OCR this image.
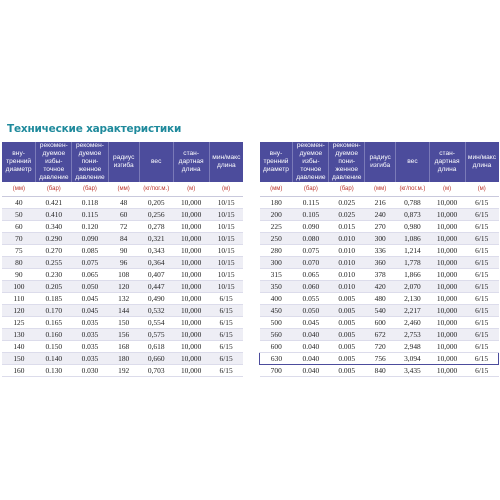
Технические характеристики
вну-
тренний
диаметр	рекомен-
дуемое
избы-
точное
давление	рекомен-
дуемое
пони-
женное
давление	радиус
изгиба	вес	стан-
дартная
длина	мин/макс
длина
(мм)	(бар)	(бар)	(мм)	(кг/пог.м.)	(м)	(м)
40	0.421	0.118	48	0,205	10,000	10/15
50	0.410	0.115	60	0,256	10,000	10/15
60	0.340	0.120	72	0,278	10,000	10/15
70	0.290	0.090	84	0,321	10,000	10/15
75	0.270	0.085	90	0,343	10,000	10/15
80	0.255	0.075	96	0,364	10,000	10/15
90	0.230	0.065	108	0,407	10,000	10/15
100	0.205	0.050	120	0,447	10,000	10/15
110	0.185	0.045	132	0,490	10,000	6/15
120	0.170	0.045	144	0,532	10,000	6/15
125	0.165	0.035	150	0,554	10,000	6/15
130	0.160	0.035	156	0,575	10,000	6/15
140	0.150	0.035	168	0,618	10,000	6/15
150	0.140	0.035	180	0,660	10,000	6/15
160	0.130	0.030	192	0,703	10,000	6/15
вну-
тренний
диаметр	рекомен-
дуемое
избы-
точное
давление	рекомен-
дуемое
пони-
женное
давление	радиус
изгиба	вес	стан-
дартная
длина	мин/макс
длина
(мм)	(бар)	(бар)	(мм)	(кг/пог.м.)	(м)	(м)
180	0.115	0.025	216	0,788	10,000	6/15
200	0.105	0.025	240	0,873	10,000	6/15
225	0.090	0.015	270	0,980	10,000	6/15
250	0.080	0.010	300	1,086	10,000	6/15
280	0.075	0.010	336	1,214	10,000	6/15
300	0.070	0.010	360	1,778	10,000	6/15
315	0.065	0.010	378	1,866	10,000	6/15
350	0.060	0.010	420	2,070	10,000	6/15
400	0.055	0.005	480	2,130	10,000	6/15
450	0.050	0.005	540	2,217	10,000	6/15
500	0.045	0.005	600	2,460	10,000	6/15
560	0.040	0.005	672	2,753	10,000	6/15
600	0.040	0.005	720	2,948	10,000	6/15
630	0.040	0.005	756	3,094	10,000	6/15
700	0.040	0.005	840	3,435	10,000	6/15
